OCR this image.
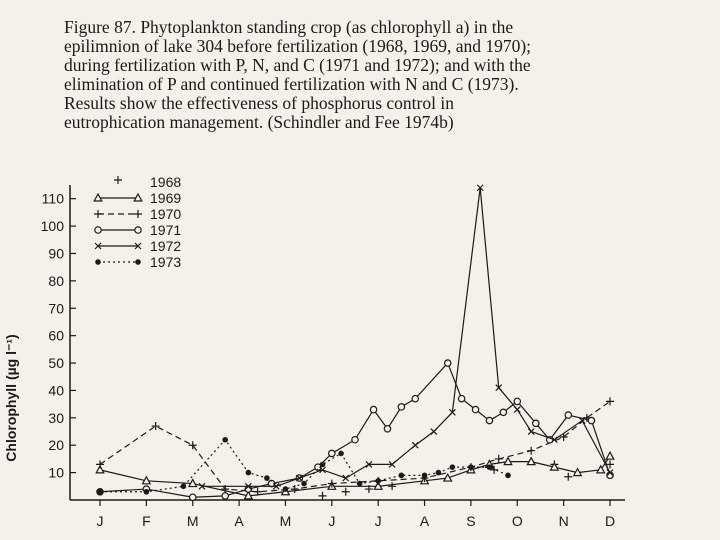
Figure 87. Phytoplankton standing crop (as chlorophyll a) in the
epilimnion of lake 304 before fertilization (1968, 1969, and 1970);
during fertilization with P, N, and C (1971 and 1972); and with the
elimination of P and continued fertilization with N and C (1973).
Results show the effectiveness of phosphorus control in
eutrophication management. (Schindler and Fee 1974b)

10
20
30
40
50
60
70
80
90
100
110
J	F	M	A	M	J	J	A	S	O	N	D
Chlorophyll (µg l⁻¹)
1968
1969
1970
1971
1972
1973
